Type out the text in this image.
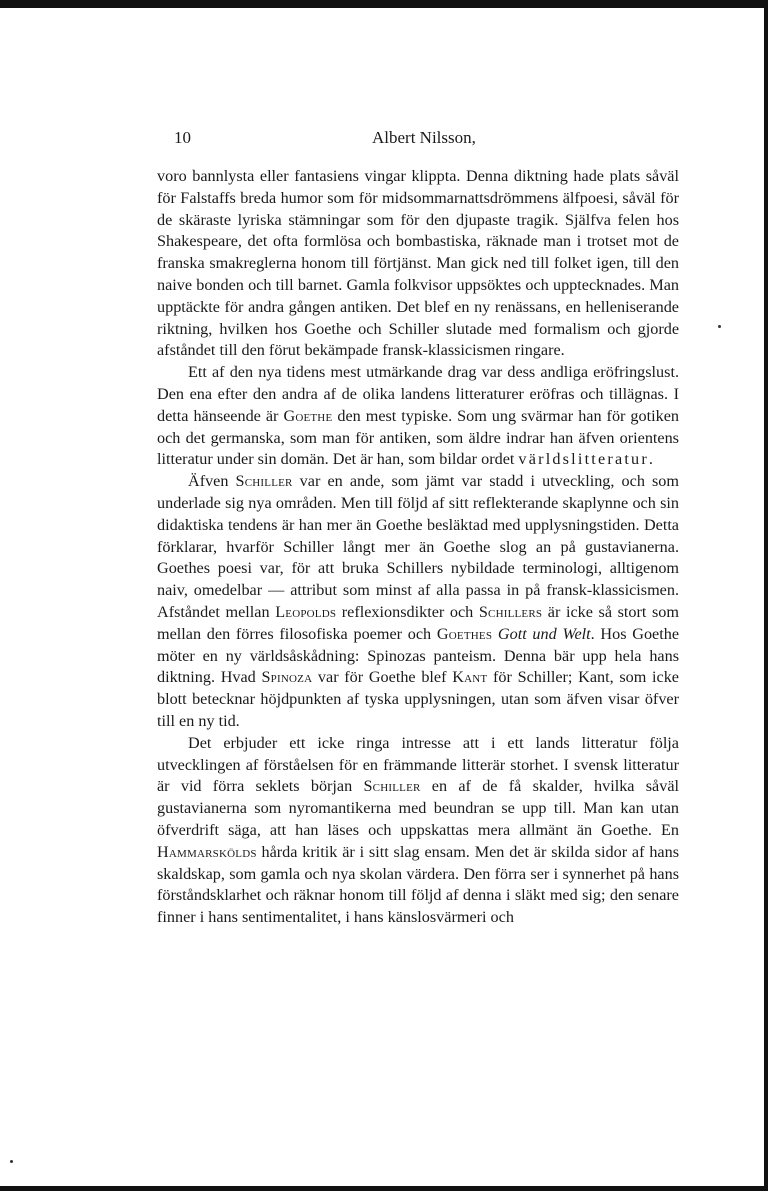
10	Albert Nilsson,

voro bannlysta eller fantasiens vingar klippta. Denna diktning hade plats såväl för Falstaffs breda humor som för midsommarnattsdrömmens älfpoesi, såväl för de skäraste lyriska stämningar som för den djupaste tragik. Själfva felen hos Shakespeare, det ofta formlösa och bombastiska, räknade man i trotset mot de franska smakreglerna honom till förtjänst. Man gick ned till folket igen, till den naive bonden och till barnet. Gamla folkvisor uppsöktes och upptecknаdes. Man upptäckte för andra gången antiken. Det blef en ny renässans, en helleniserande riktning, hvilken hos Goethe och Schiller slutade med formalism och gjorde afståndet till den förut bekämpade fransk-klassicismen ringare.

Ett af den nya tidens mest utmärkande drag var dess andliga eröfringslust. Den ena efter den andra af de olika landens litteraturer eröfras och tillägnas. I detta hänseende är Goethe den mest typiske. Som ung svärmar han för gotiken och det germanska, som man för antiken, som äldre indrar han äfven orientens litteratur under sin domän. Det är han, som bildar ordet världslitteratur.

Äfven Schiller var en ande, som jämt var stadd i utveckling, och som underlade sig nya områden. Men till följd af sitt reflekterande skaplynne och sin didaktiska tendens är han mer än Goethe besläktad med upplysningstiden. Detta förklarar, hvarför Schiller långt mer än Goethe slog an på gustavianerna. Goethes poesi var, för att bruka Schillers nybildade terminologi, alltigenom naiv, omedelbar — attribut som minst af alla passa in på fransk-klassicismen. Afståndet mellan Leopolds reflexionsdikter och Schillers är icke så stort som mellan den förres filosofiska poemer och Goethes Gott und Welt. Hos Goethe möter en ny världsåskådning: Spinozas panteism. Denna bär upp hela hans diktning. Hvad Spinoza var för Goethe blef Kant för Schiller; Kant, som icke blott betecknar höjdpunkten af tyska upplysningen, utan som äfven visar öfver till en ny tid.

Det erbjuder ett icke ringa intresse att i ett lands litteratur följa utvecklingen af förståelsen för en främmande litterär storhet. I svensk litteratur är vid förra seklets början Schiller en af de få skalder, hvilka såväl gustavianerna som nyromantikerna med beundran se upp till. Man kan utan öfverdrift säga, att han läses och uppskattas mera allmänt än Goethe. En Hammarskölds hårda kritik är i sitt slag ensam. Men det är skilda sidor af hans skaldskap, som gamla och nya skolan värdera. Den förra ser i synnerhet på hans förståndsklarhet och räknar honom till följd af denna i släkt med sig; den senare finner i hans sentimentalitet, i hans känslosvärmeri och
